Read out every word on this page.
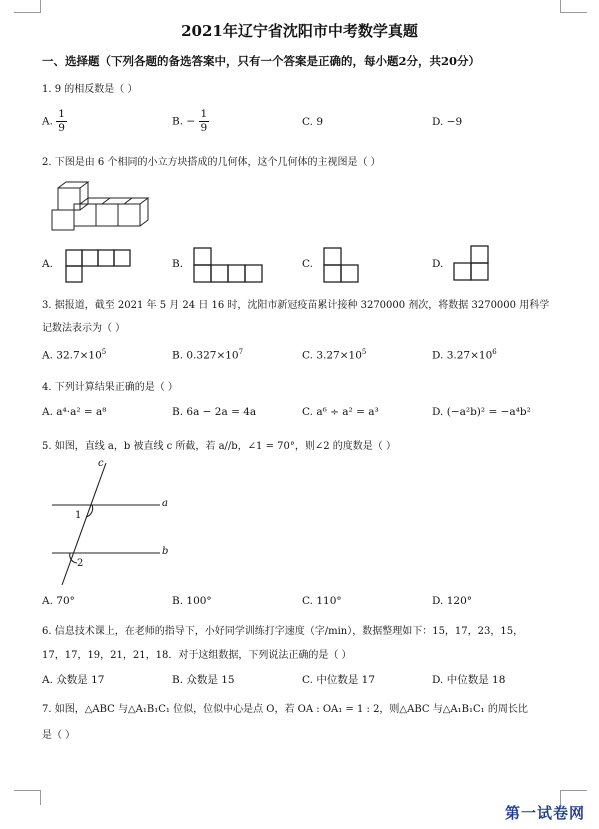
2021年辽宁省沈阳市中考数学真题
一、选择题（下列各题的备选答案中，只有一个答案是正确的，每小题2分，共20分）
1. 9 的相反数是（ ）
A. $\frac{1}{9}$	B. − $\frac{1}{9}$	C. 9	D. −9
2. 下图是由 6 个相同的小立方块搭成的几何体，这个几何体的主视图是（ ）
A.	B.	C.	D.
3. 据报道，截至 2021 年 5 月 24 日 16 时，沈阳市新冠疫苗累计接种 3270000 剂次，将数据 3270000 用科学
记数法表示为（ ）
A. $32.7\times 10^5$	B. $0.327\times 10^7$	C. $3.27\times 10^5$	D. $3.27\times 10^6$
4. 下列计算结果正确的是（ ）
A. a⁴·a² = a⁸	B. 6a − 2a = 4a	C. a⁶ ÷ a² = a³	D. (−a²b)² = −a⁴b²
5. 如图，直线 a，b 被直线 c 所截，若 a//b，∠1 = 70°，则∠2 的度数是（ ）
c
a
b
1
2
A. 70°	B. 100°	C. 110°	D. 120°
6. 信息技术课上，在老师的指导下，小好同学训练打字速度（字/min），数据整理如下：15，17，23，15，
17，17，19，21，21，18．对于这组数据，下列说法正确的是（ ）
A. 众数是 17	B. 众数是 15	C. 中位数是 17	D. 中位数是 18
7. 如图，△ABC 与△A₁B₁C₁ 位似，位似中心是点 O，若 OA : OA₁ = 1 : 2，则△ABC 与△A₁B₁C₁ 的周长比
是（ ）
第一试卷网
